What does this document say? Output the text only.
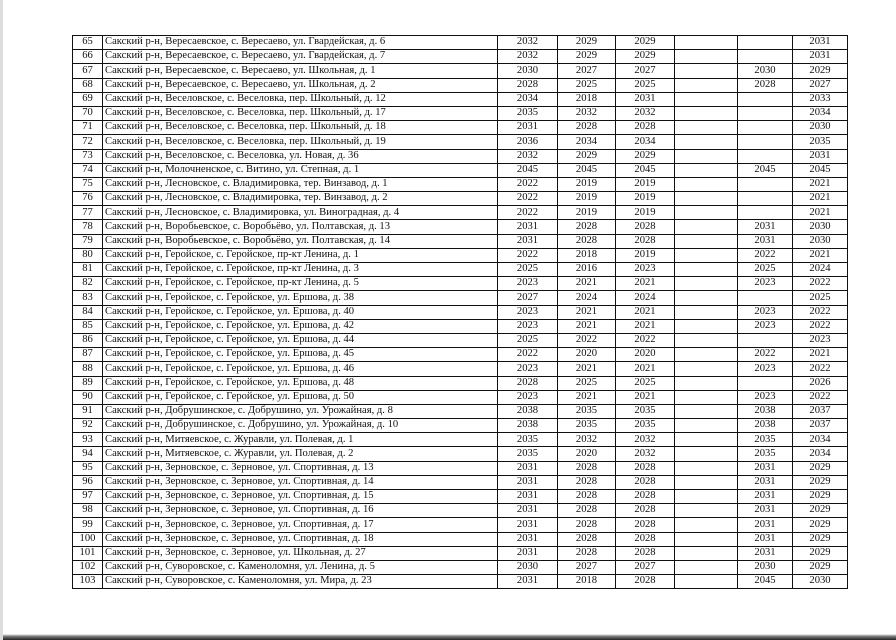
65	Сакский р-н, Вересаевское, с. Вересаево, ул. Гвардейская, д. 6	2032	2029	2029			2031
66	Сакский р-н, Вересаевское, с. Вересаево, ул. Гвардейская, д. 7	2032	2029	2029			2031
67	Сакский р-н, Вересаевское, с. Вересаево, ул. Школьная, д. 1	2030	2027	2027		2030	2029
68	Сакский р-н, Вересаевское, с. Вересаево, ул. Школьная, д. 2	2028	2025	2025		2028	2027
69	Сакский р-н, Веселовское, с. Веселовка, пер. Школьный, д. 12	2034	2018	2031			2033
70	Сакский р-н, Веселовское, с. Веселовка, пер. Школьный, д. 17	2035	2032	2032			2034
71	Сакский р-н, Веселовское, с. Веселовка, пер. Школьный, д. 18	2031	2028	2028			2030
72	Сакский р-н, Веселовское, с. Веселовка, пер. Школьный, д. 19	2036	2034	2034			2035
73	Сакский р-н, Веселовское, с. Веселовка, ул. Новая, д. 36	2032	2029	2029			2031
74	Сакский р-н, Молочненское, с. Витино, ул. Степная, д. 1	2045	2045	2045		2045	2045
75	Сакский р-н, Лесновское, с. Владимировка, тер. Винзавод, д. 1	2022	2019	2019			2021
76	Сакский р-н, Лесновское, с. Владимировка, тер. Винзавод, д. 2	2022	2019	2019			2021
77	Сакский р-н, Лесновское, с. Владимировка, ул. Виноградная, д. 4	2022	2019	2019			2021
78	Сакский р-н, Воробьевское, с. Воробьёво, ул. Полтавская, д. 13	2031	2028	2028		2031	2030
79	Сакский р-н, Воробьевское, с. Воробьёво, ул. Полтавская, д. 14	2031	2028	2028		2031	2030
80	Сакский р-н, Геройское, с. Геройское, пр-кт Ленина, д. 1	2022	2018	2019		2022	2021
81	Сакский р-н, Геройское, с. Геройское, пр-кт Ленина, д. 3	2025	2016	2023		2025	2024
82	Сакский р-н, Геройское, с. Геройское, пр-кт Ленина, д. 5	2023	2021	2021		2023	2022
83	Сакский р-н, Геройское, с. Геройское, ул. Ершова, д. 38	2027	2024	2024			2025
84	Сакский р-н, Геройское, с. Геройское, ул. Ершова, д. 40	2023	2021	2021		2023	2022
85	Сакский р-н, Геройское, с. Геройское, ул. Ершова, д. 42	2023	2021	2021		2023	2022
86	Сакский р-н, Геройское, с. Геройское, ул. Ершова, д. 44	2025	2022	2022			2023
87	Сакский р-н, Геройское, с. Геройское, ул. Ершова, д. 45	2022	2020	2020		2022	2021
88	Сакский р-н, Геройское, с. Геройское, ул. Ершова, д. 46	2023	2021	2021		2023	2022
89	Сакский р-н, Геройское, с. Геройское, ул. Ершова, д. 48	2028	2025	2025			2026
90	Сакский р-н, Геройское, с. Геройское, ул. Ершова, д. 50	2023	2021	2021		2023	2022
91	Сакский р-н, Добрушинское, с. Добрушино, ул. Урожайная, д. 8	2038	2035	2035		2038	2037
92	Сакский р-н, Добрушинское, с. Добрушино, ул. Урожайная, д. 10	2038	2035	2035		2038	2037
93	Сакский р-н, Митяевское, с. Журавли, ул. Полевая, д. 1	2035	2032	2032		2035	2034
94	Сакский р-н, Митяевское, с. Журавли, ул. Полевая, д. 2	2035	2020	2032		2035	2034
95	Сакский р-н, Зерновское, с. Зерновое, ул. Спортивная, д. 13	2031	2028	2028		2031	2029
96	Сакский р-н, Зерновское, с. Зерновое, ул. Спортивная, д. 14	2031	2028	2028		2031	2029
97	Сакский р-н, Зерновское, с. Зерновое, ул. Спортивная, д. 15	2031	2028	2028		2031	2029
98	Сакский р-н, Зерновское, с. Зерновое, ул. Спортивная, д. 16	2031	2028	2028		2031	2029
99	Сакский р-н, Зерновское, с. Зерновое, ул. Спортивная, д. 17	2031	2028	2028		2031	2029
100	Сакский р-н, Зерновское, с. Зерновое, ул. Спортивная, д. 18	2031	2028	2028		2031	2029
101	Сакский р-н, Зерновское, с. Зерновое, ул. Школьная, д. 27	2031	2028	2028		2031	2029
102	Сакский р-н, Суворовское, с. Каменоломня, ул. Ленина, д. 5	2030	2027	2027		2030	2029
103	Сакский р-н, Суворовское, с. Каменоломня, ул. Мира, д. 23	2031	2018	2028		2045	2030
